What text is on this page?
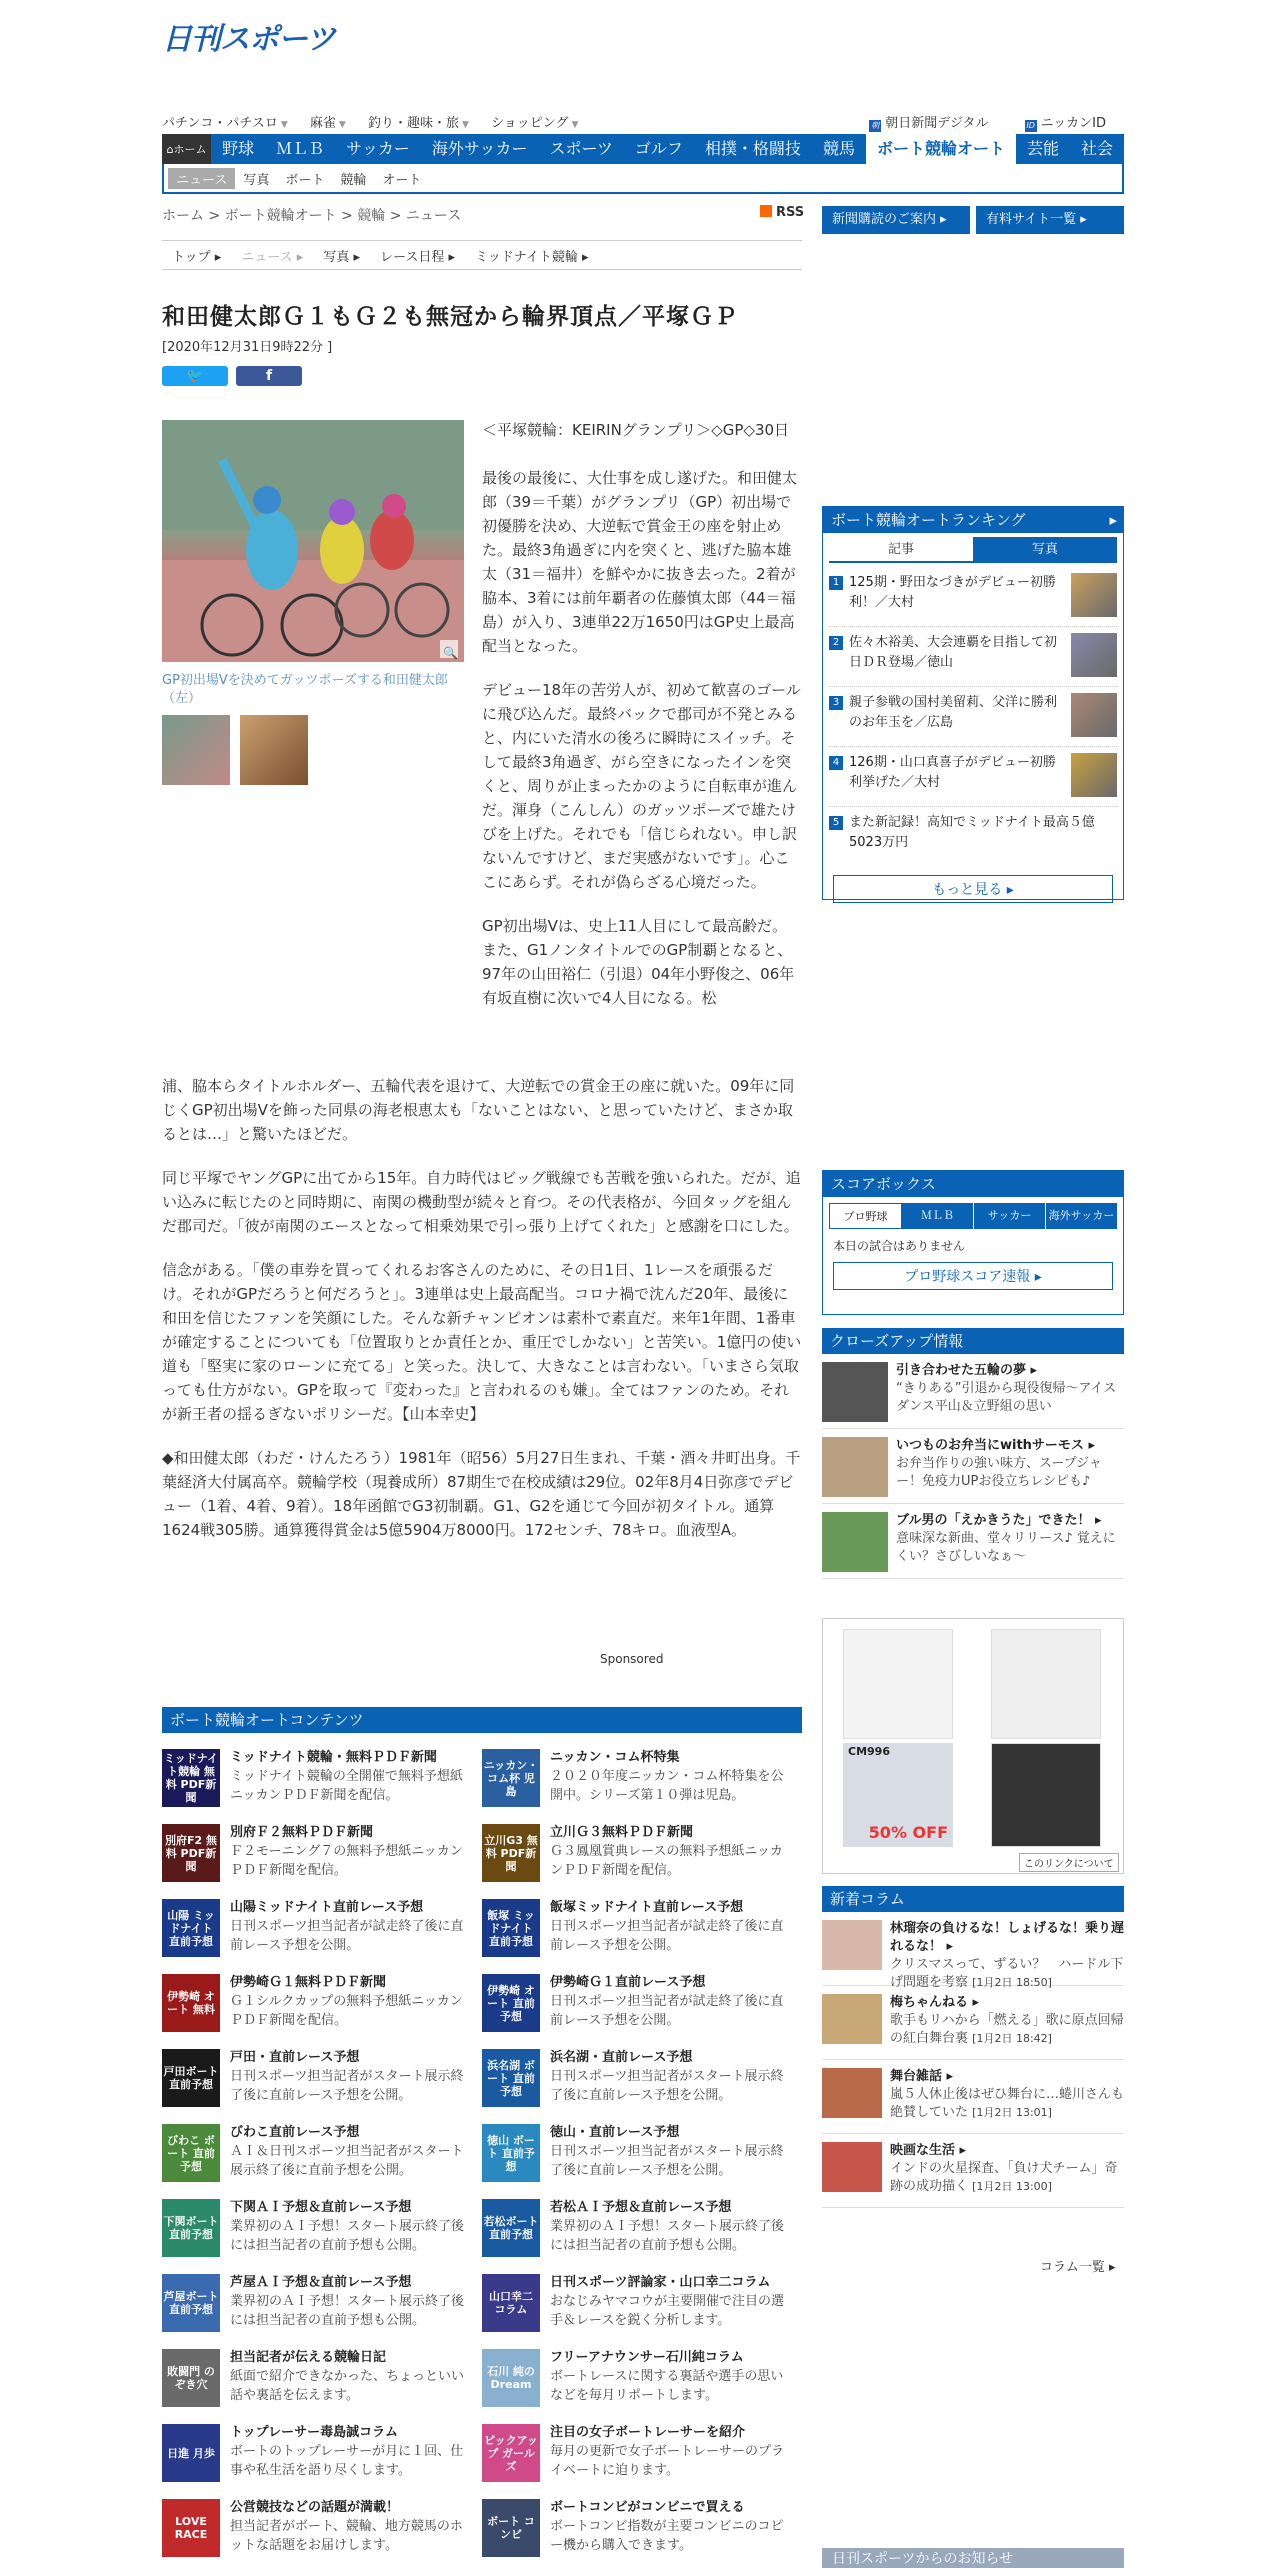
日刊スポーツ
パチンコ・パチスロ ▼ 麻雀 ▼ 釣り・趣味・旅 ▼ ショッピング ▼	朝 朝日新聞デジタル	ID ニッカンID
⌂ ホーム 野球	ＭＬＢ	サッカー	海外サッカー	スポーツ	ゴルフ	相撲・格闘技	競馬	ボート競輪オート	芸能	社会
ニュース	写真	ボート	競輪	オート
ホーム > ボート競輪オート > 競輪 > ニュース	RSS	新聞購読のご案内 ▸	有料サイト一覧 ▸
トップ ▸ ニュース ▸ 写真 ▸ レース日程 ▸ ミッドナイト競輪 ▸
和田健太郎Ｇ１もＧ２も無冠から輪界頂点／平塚ＧＰ
[2020年12月31日9時22分 ]
🐦	f
🔍
GP初出場Vを決めてガッツポーズする和田健太郎（左）

＜平塚競輪：KEIRINグランプリ＞◇GP◇30日

最後の最後に、大仕事を成し遂げた。和田健太郎（39＝千葉）がグランプリ（GP）初出場で初優勝を決め、大逆転で賞金王の座を射止めた。最終3角過ぎに内を突くと、逃げた脇本雄太（31＝福井）を鮮やかに抜き去った。2着が脇本、3着には前年覇者の佐藤慎太郎（44＝福島）が入り、3連単22万1650円はGP史上最高配当となった。

デビュー18年の苦労人が、初めて歓喜のゴールに飛び込んだ。最終バックで郡司が不発とみると、内にいた清水の後ろに瞬時にスイッチ。そして最終3角過ぎ、がら空きになったインを突くと、周りが止まったかのように自転車が進んだ。渾身（こんしん）のガッツポーズで雄たけびを上げた。それでも「信じられない。申し訳ないんですけど、まだ実感がないです」。心ここにあらず。それが偽らざる心境だった。

GP初出場Vは、史上11人目にして最高齢だ。また、G1ノンタイトルでのGP制覇となると、97年の山田裕仁（引退）04年小野俊之、06年有坂直樹に次いで4人目になる。松

浦、脇本らタイトルホルダー、五輪代表を退けて、大逆転での賞金王の座に就いた。09年に同じくGP初出場Vを飾った同県の海老根恵太も「ないことはない、と思っていたけど、まさか取るとは…」と驚いたほどだ。

同じ平塚でヤングGPに出てから15年。自力時代はビッグ戦線でも苦戦を強いられた。だが、追い込みに転じたのと同時期に、南関の機動型が続々と育つ。その代表格が、今回タッグを組んだ郡司だ。「彼が南関のエースとなって相乗効果で引っ張り上げてくれた」と感謝を口にした。

信念がある。「僕の車券を買ってくれるお客さんのために、その日1日、1レースを頑張るだけ。それがGPだろうと何だろうと」。3連単は史上最高配当。コロナ禍で沈んだ20年、最後に和田を信じたファンを笑顔にした。そんな新チャンピオンは素朴で素直だ。来年1年間、1番車が確定することについても「位置取りとか責任とか、重圧でしかない」と苦笑い。1億円の使い道も「堅実に家のローンに充てる」と笑った。決して、大きなことは言わない。「いまさら気取っても仕方がない。GPを取って『変わった』と言われるのも嫌」。全てはファンのため。それが新王者の揺るぎないポリシーだ。【山本幸史】

◆和田健太郎（わだ・けんたろう）1981年（昭56）5月27日生まれ、千葉・酒々井町出身。千葉経済大付属高卒。競輪学校（現養成所）87期生で在校成績は29位。02年8月4日弥彦でデビュー（1着、4着、9着）。18年函館でG3初制覇。G1、G2を通じて今回が初タイトル。通算1624戦305勝。通算獲得賞金は5億5904万8000円。172センチ、78キロ。血液型A。

Sponsored
ボート競輪オートコンテンツ
ミッドナイト競輪 無料 PDF新聞
ミッドナイト競輪・無料ＰＤＦ新聞
ミッドナイト競輪の全開催で無料予想紙ニッカンＰＤＦ新聞を配信。
ニッカン・コム杯 児島
ニッカン・コム杯特集
２０２０年度ニッカン・コム杯特集を公開中。シリーズ第１０弾は児島。
別府F2 無料 PDF新聞
別府Ｆ２無料ＰＤＦ新聞
Ｆ２モーニング７の無料予想紙ニッカンＰＤＦ新聞を配信。
立川G3 無料 PDF新聞
立川Ｇ３無料ＰＤＦ新聞
Ｇ３鳳凰賞典レースの無料予想紙ニッカンＰＤＦ新聞を配信。
山陽 ミッドナイト 直前予想
山陽ミッドナイト直前レース予想
日刊スポーツ担当記者が試走終了後に直前レース予想を公開。
飯塚 ミッドナイト 直前予想
飯塚ミッドナイト直前レース予想
日刊スポーツ担当記者が試走終了後に直前レース予想を公開。
伊勢崎 オート 無料
伊勢崎Ｇ１無料ＰＤＦ新聞
Ｇ１シルクカップの無料予想紙ニッカンＰＤＦ新聞を配信。
伊勢崎 オート 直前予想
伊勢崎Ｇ１直前レース予想
日刊スポーツ担当記者が試走終了後に直前レース予想を公開。
戸田ボート 直前予想
戸田・直前レース予想
日刊スポーツ担当記者がスタート展示終了後に直前レース予想を公開。
浜名湖 ボート 直前予想
浜名湖・直前レース予想
日刊スポーツ担当記者がスタート展示終了後に直前レース予想を公開。
びわこ ボート 直前予想
びわこ直前レース予想
ＡＩ＆日刊スポーツ担当記者がスタート展示終了後に直前予想を公開。
徳山 ボート 直前予想
徳山・直前レース予想
日刊スポーツ担当記者がスタート展示終了後に直前レース予想を公開。
下関ボート 直前予想
下関ＡＩ予想＆直前レース予想
業界初のＡＩ予想！スタート展示終了後には担当記者の直前予想も公開。
若松ボート 直前予想
若松ＡＩ予想＆直前レース予想
業界初のＡＩ予想！スタート展示終了後には担当記者の直前予想も公開。
芦屋ボート 直前予想
芦屋ＡＩ予想＆直前レース予想
業界初のＡＩ予想！スタート展示終了後には担当記者の直前予想も公開。
山口幸二 コラム
日刊スポーツ評論家・山口幸二コラム
おなじみヤマコウが主要開催で注目の選手＆レースを鋭く分析します。
敗闘門 のぞき穴
担当記者が伝える競輪日記
紙面で紹介できなかった、ちょっといい話や裏話を伝えます。
石川 純の Dream
フリーアナウンサー石川純コラム
ボートレースに関する裏話や選手の思いなどを毎月リポートします。
日進 月歩
トップレーサー毒島誠コラム
ボートのトップレーサーが月に１回、仕事や私生活を語り尽くします。
ピックアップ ガールズ
注目の女子ボートレーサーを紹介
毎月の更新で女子ボートレーサーのプライベートに迫ります。
LOVE RACE
公営競技などの話題が満載！
担当記者がボート、競輪、地方競馬のホットな話題をお届けします。
ボート コンビ
ボートコンビがコンビニで買える
ボートコンビ指数が主要コンビニのコピー機から購入できます。
ボート競輪オートランキング	▸
記事	写真
1 125期・野田なづきがデビュー初勝利！／大村
2 佐々木裕美、大会連覇を目指して初日ＤＲ登場／徳山
3 親子参戦の国村美留莉、父洋に勝利のお年玉を／広島
4 126期・山口真喜子がデビュー初勝利挙げた／大村
5 また新記録！高知でミッドナイト最高５億5023万円
もっと見る ▸
スコアボックス
プロ野球	ＭＬＢ	サッカー	海外サッカー
本日の試合はありません
プロ野球スコア速報 ▸
クローズアップ情報
引き合わせた五輪の夢 ▸
“きりある”引退から現役復帰〜アイスダンス平山＆立野組の思い
いつものお弁当にwithサーモス ▸
お弁当作りの強い味方、スープジャー！免疫力UPお役立ちレシピも♪
ブル男の「えかきうた」できた！ ▸
意味深な新曲、堂々リリース♪ 覚えにくい？さびしいなぁ〜
CM996
50% OFF
このリンクについて
新着コラム
林瑠奈の負けるな！しょげるな！乗り遅れるな！ ▸
クリスマスって、ずるい？　ハードル下げ問題を考察 [1月2日 18:50]
梅ちゃんねる ▸
歌手もリハから「燃える」歌に原点回帰の紅白舞台裏 [1月2日 18:42]
舞台雑話 ▸
嵐５人休止後はぜひ舞台に…蜷川さんも絶賛していた [1月2日 13:01]
映画な生活 ▸
インドの火星探査、「負け犬チーム」奇跡の成功描く [1月2日 13:00]
コラム一覧 ▸
日刊スポーツからのお知らせ
